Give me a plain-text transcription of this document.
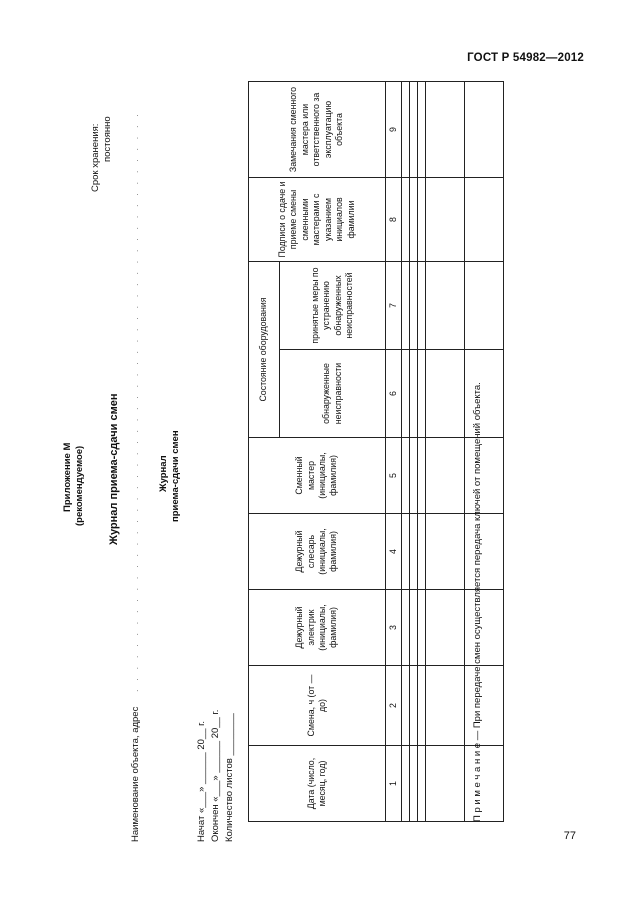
ГОСТ Р 54982—2012
77
Приложение М (рекомендуемое) Журнал приема-сдачи смен
Наименование объекта, адрес
. . . . . . . . . . . . . . . . . . . . . . . . . . . . . . . . . . . . . . . . . . . . . . . . . . . .
Срок хранения: постоянно
Журнал приема-сдачи смен
Начат «___» ______ 20__ г. Окончен «___» ______ 20__ г. Количество листов ________	Дата (число, месяц, год)	Смена, ч (от — до)	Дежурный электрик (инициалы, фамилия)	Дежурный слесарь (инициалы, фамилия)	Сменный мастер (инициалы, фамилия)	Состояние оборудования		Подписи о сдаче и приеме смены сменными мастерами с указанием инициалов фамилии	Замечания сменного мастера или ответственного за эксплуатацию объекта
					обнаруженные неисправности	принятые меры по устранению обнаруженных неисправностей		
1	2	3	4	5	6	7	8	9

П р и м е ч а н и е — При передаче смен осуществляется передача ключей от помещений объекта.
